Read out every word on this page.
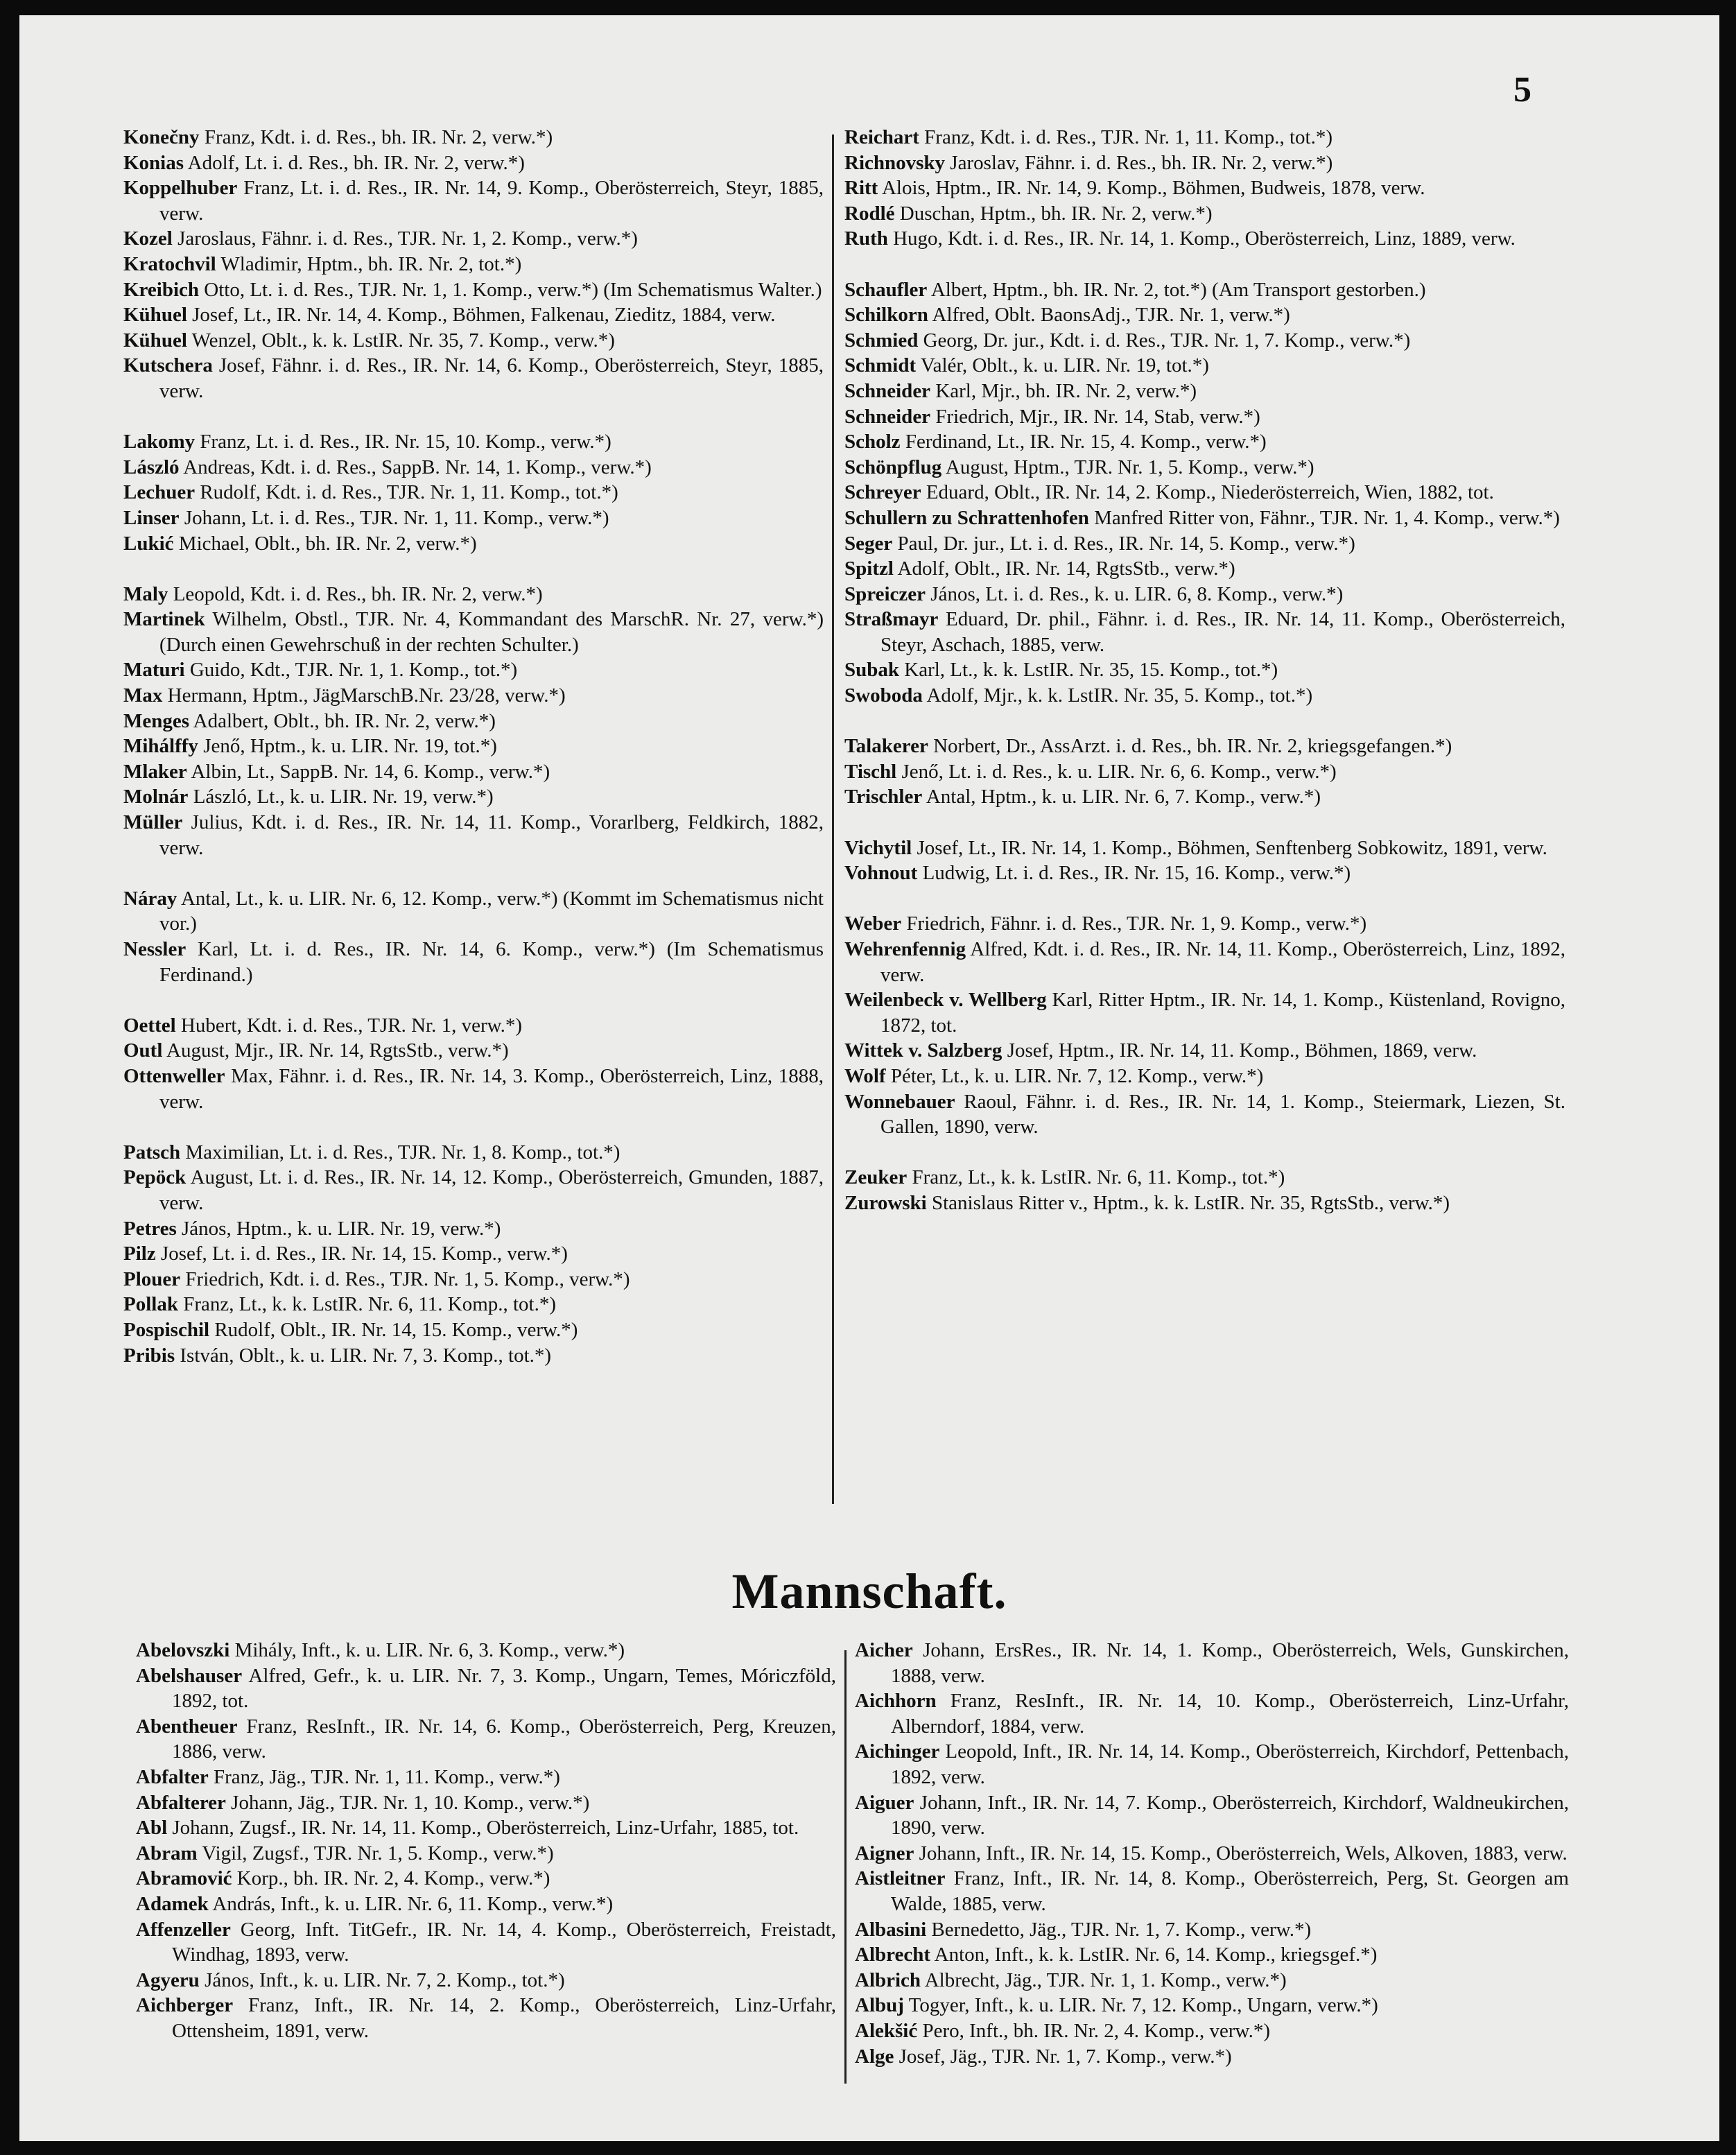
5
Konečny Franz, Kdt. i. d. Res., bh. IR. Nr. 2, verw.*)
Konias Adolf, Lt. i. d. Res., bh. IR. Nr. 2, verw.*)
Koppelhuber Franz, Lt. i. d. Res., IR. Nr. 14, 9. Komp., Oberösterreich, Steyr, 1885, verw.
Kozel Jaroslaus, Fähnr. i. d. Res., TJR. Nr. 1, 2. Komp., verw.*)
Kratochvil Wladimir, Hptm., bh. IR. Nr. 2, tot.*)
Kreibich Otto, Lt. i. d. Res., TJR. Nr. 1, 1. Komp., verw.*) (Im Schematismus Walter.)
Kühuel Josef, Lt., IR. Nr. 14, 4. Komp., Böhmen, Falkenau, Zieditz, 1884, verw.
Kühuel Wenzel, Oblt., k. k. LstIR. Nr. 35, 7. Komp., verw.*)
Kutschera Josef, Fähnr. i. d. Res., IR. Nr. 14, 6. Komp., Oberösterreich, Steyr, 1885, verw.
Lakomy Franz, Lt. i. d. Res., IR. Nr. 15, 10. Komp., verw.*)
László Andreas, Kdt. i. d. Res., SappB. Nr. 14, 1. Komp., verw.*)
Lechuer Rudolf, Kdt. i. d. Res., TJR. Nr. 1, 11. Komp., tot.*)
Linser Johann, Lt. i. d. Res., TJR. Nr. 1, 11. Komp., verw.*)
Lukić Michael, Oblt., bh. IR. Nr. 2, verw.*)
Maly Leopold, Kdt. i. d. Res., bh. IR. Nr. 2, verw.*)
Martinek Wilhelm, Obstl., TJR. Nr. 4, Kommandant des MarschR. Nr. 27, verw.*) (Durch einen Gewehrschuß in der rechten Schulter.)
Maturi Guido, Kdt., TJR. Nr. 1, 1. Komp., tot.*)
Max Hermann, Hptm., JägMarschB.Nr. 23/28, verw.*)
Menges Adalbert, Oblt., bh. IR. Nr. 2, verw.*)
Mihálffy Jenő, Hptm., k. u. LIR. Nr. 19, tot.*)
Mlaker Albin, Lt., SappB. Nr. 14, 6. Komp., verw.*)
Molnár László, Lt., k. u. LIR. Nr. 19, verw.*)
Müller Julius, Kdt. i. d. Res., IR. Nr. 14, 11. Komp., Vorarlberg, Feldkirch, 1882, verw.
Náray Antal, Lt., k. u. LIR. Nr. 6, 12. Komp., verw.*) (Kommt im Schematismus nicht vor.)
Nessler Karl, Lt. i. d. Res., IR. Nr. 14, 6. Komp., verw.*) (Im Schematismus Ferdinand.)
Oettel Hubert, Kdt. i. d. Res., TJR. Nr. 1, verw.*)
Outl August, Mjr., IR. Nr. 14, RgtsStb., verw.*)
Ottenweller Max, Fähnr. i. d. Res., IR. Nr. 14, 3. Komp., Oberösterreich, Linz, 1888, verw.
Patsch Maximilian, Lt. i. d. Res., TJR. Nr. 1, 8. Komp., tot.*)
Pepöck August, Lt. i. d. Res., IR. Nr. 14, 12. Komp., Oberösterreich, Gmunden, 1887, verw.
Petres János, Hptm., k. u. LIR. Nr. 19, verw.*)
Pilz Josef, Lt. i. d. Res., IR. Nr. 14, 15. Komp., verw.*)
Plouer Friedrich, Kdt. i. d. Res., TJR. Nr. 1, 5. Komp., verw.*)
Pollak Franz, Lt., k. k. LstIR. Nr. 6, 11. Komp., tot.*)
Pospischil Rudolf, Oblt., IR. Nr. 14, 15. Komp., verw.*)
Pribis István, Oblt., k. u. LIR. Nr. 7, 3. Komp., tot.*)
Reichart Franz, Kdt. i. d. Res., TJR. Nr. 1, 11. Komp., tot.*)
Richnovsky Jaroslav, Fähnr. i. d. Res., bh. IR. Nr. 2, verw.*)
Ritt Alois, Hptm., IR. Nr. 14, 9. Komp., Böhmen, Budweis, 1878, verw.
Rodlé Duschan, Hptm., bh. IR. Nr. 2, verw.*)
Ruth Hugo, Kdt. i. d. Res., IR. Nr. 14, 1. Komp., Oberösterreich, Linz, 1889, verw.
Schaufler Albert, Hptm., bh. IR. Nr. 2, tot.*) (Am Transport gestorben.)
Schilkorn Alfred, Oblt. BaonsAdj., TJR. Nr. 1, verw.*)
Schmied Georg, Dr. jur., Kdt. i. d. Res., TJR. Nr. 1, 7. Komp., verw.*)
Schmidt Valér, Oblt., k. u. LIR. Nr. 19, tot.*)
Schneider Karl, Mjr., bh. IR. Nr. 2, verw.*)
Schneider Friedrich, Mjr., IR. Nr. 14, Stab, verw.*)
Scholz Ferdinand, Lt., IR. Nr. 15, 4. Komp., verw.*)
Schönpflug August, Hptm., TJR. Nr. 1, 5. Komp., verw.*)
Schreyer Eduard, Oblt., IR. Nr. 14, 2. Komp., Niederösterreich, Wien, 1882, tot.
Schullern zu Schrattenhofen Manfred Ritter von, Fähnr., TJR. Nr. 1, 4. Komp., verw.*)
Seger Paul, Dr. jur., Lt. i. d. Res., IR. Nr. 14, 5. Komp., verw.*)
Spitzl Adolf, Oblt., IR. Nr. 14, RgtsStb., verw.*)
Spreiczer János, Lt. i. d. Res., k. u. LIR. 6, 8. Komp., verw.*)
Straßmayr Eduard, Dr. phil., Fähnr. i. d. Res., IR. Nr. 14, 11. Komp., Oberösterreich, Steyr, Aschach, 1885, verw.
Subak Karl, Lt., k. k. LstIR. Nr. 35, 15. Komp., tot.*)
Swoboda Adolf, Mjr., k. k. LstIR. Nr. 35, 5. Komp., tot.*)
Talakerer Norbert, Dr., AssArzt. i. d. Res., bh. IR. Nr. 2, kriegsgefangen.*)
Tischl Jenő, Lt. i. d. Res., k. u. LIR. Nr. 6, 6. Komp., verw.*)
Trischler Antal, Hptm., k. u. LIR. Nr. 6, 7. Komp., verw.*)
Vichytil Josef, Lt., IR. Nr. 14, 1. Komp., Böhmen, Senftenberg Sobkowitz, 1891, verw.
Vohnout Ludwig, Lt. i. d. Res., IR. Nr. 15, 16. Komp., verw.*)
Weber Friedrich, Fähnr. i. d. Res., TJR. Nr. 1, 9. Komp., verw.*)
Wehrenfennig Alfred, Kdt. i. d. Res., IR. Nr. 14, 11. Komp., Oberösterreich, Linz, 1892, verw.
Weilenbeck v. Wellberg Karl, Ritter Hptm., IR. Nr. 14, 1. Komp., Küstenland, Rovigno, 1872, tot.
Wittek v. Salzberg Josef, Hptm., IR. Nr. 14, 11. Komp., Böhmen, 1869, verw.
Wolf Péter, Lt., k. u. LIR. Nr. 7, 12. Komp., verw.*)
Wonnebauer Raoul, Fähnr. i. d. Res., IR. Nr. 14, 1. Komp., Steiermark, Liezen, St. Gallen, 1890, verw.
Zeuker Franz, Lt., k. k. LstIR. Nr. 6, 11. Komp., tot.*)
Zurowski Stanislaus Ritter v., Hptm., k. k. LstIR. Nr. 35, RgtsStb., verw.*)
Mannschaft.
Abelovszki Mihály, Inft., k. u. LIR. Nr. 6, 3. Komp., verw.*)
Abelshauser Alfred, Gefr., k. u. LIR. Nr. 7, 3. Komp., Ungarn, Temes, Móriczföld, 1892, tot.
Abentheuer Franz, ResInft., IR. Nr. 14, 6. Komp., Oberösterreich, Perg, Kreuzen, 1886, verw.
Abfalter Franz, Jäg., TJR. Nr. 1, 11. Komp., verw.*)
Abfalterer Johann, Jäg., TJR. Nr. 1, 10. Komp., verw.*)
Abl Johann, Zugsf., IR. Nr. 14, 11. Komp., Oberösterreich, Linz-Urfahr, 1885, tot.
Abram Vigil, Zugsf., TJR. Nr. 1, 5. Komp., verw.*)
Abramović Korp., bh. IR. Nr. 2, 4. Komp., verw.*)
Adamek András, Inft., k. u. LIR. Nr. 6, 11. Komp., verw.*)
Affenzeller Georg, Inft. TitGefr., IR. Nr. 14, 4. Komp., Oberösterreich, Freistadt, Windhag, 1893, verw.
Agyeru János, Inft., k. u. LIR. Nr. 7, 2. Komp., tot.*)
Aichberger Franz, Inft., IR. Nr. 14, 2. Komp., Oberösterreich, Linz-Urfahr, Ottensheim, 1891, verw.
Aicher Johann, ErsRes., IR. Nr. 14, 1. Komp., Oberösterreich, Wels, Gunskirchen, 1888, verw.
Aichhorn Franz, ResInft., IR. Nr. 14, 10. Komp., Oberösterreich, Linz-Urfahr, Alberndorf, 1884, verw.
Aichinger Leopold, Inft., IR. Nr. 14, 14. Komp., Oberösterreich, Kirchdorf, Pettenbach, 1892, verw.
Aiguer Johann, Inft., IR. Nr. 14, 7. Komp., Oberösterreich, Kirchdorf, Waldneukirchen, 1890, verw.
Aigner Johann, Inft., IR. Nr. 14, 15. Komp., Oberösterreich, Wels, Alkoven, 1883, verw.
Aistleitner Franz, Inft., IR. Nr. 14, 8. Komp., Oberösterreich, Perg, St. Georgen am Walde, 1885, verw.
Albasini Bernedetto, Jäg., TJR. Nr. 1, 7. Komp., verw.*)
Albrecht Anton, Inft., k. k. LstIR. Nr. 6, 14. Komp., kriegsgef.*)
Albrich Albrecht, Jäg., TJR. Nr. 1, 1. Komp., verw.*)
Albuj Togyer, Inft., k. u. LIR. Nr. 7, 12. Komp., Ungarn, verw.*)
Alekšić Pero, Inft., bh. IR. Nr. 2, 4. Komp., verw.*)
Alge Josef, Jäg., TJR. Nr. 1, 7. Komp., verw.*)
